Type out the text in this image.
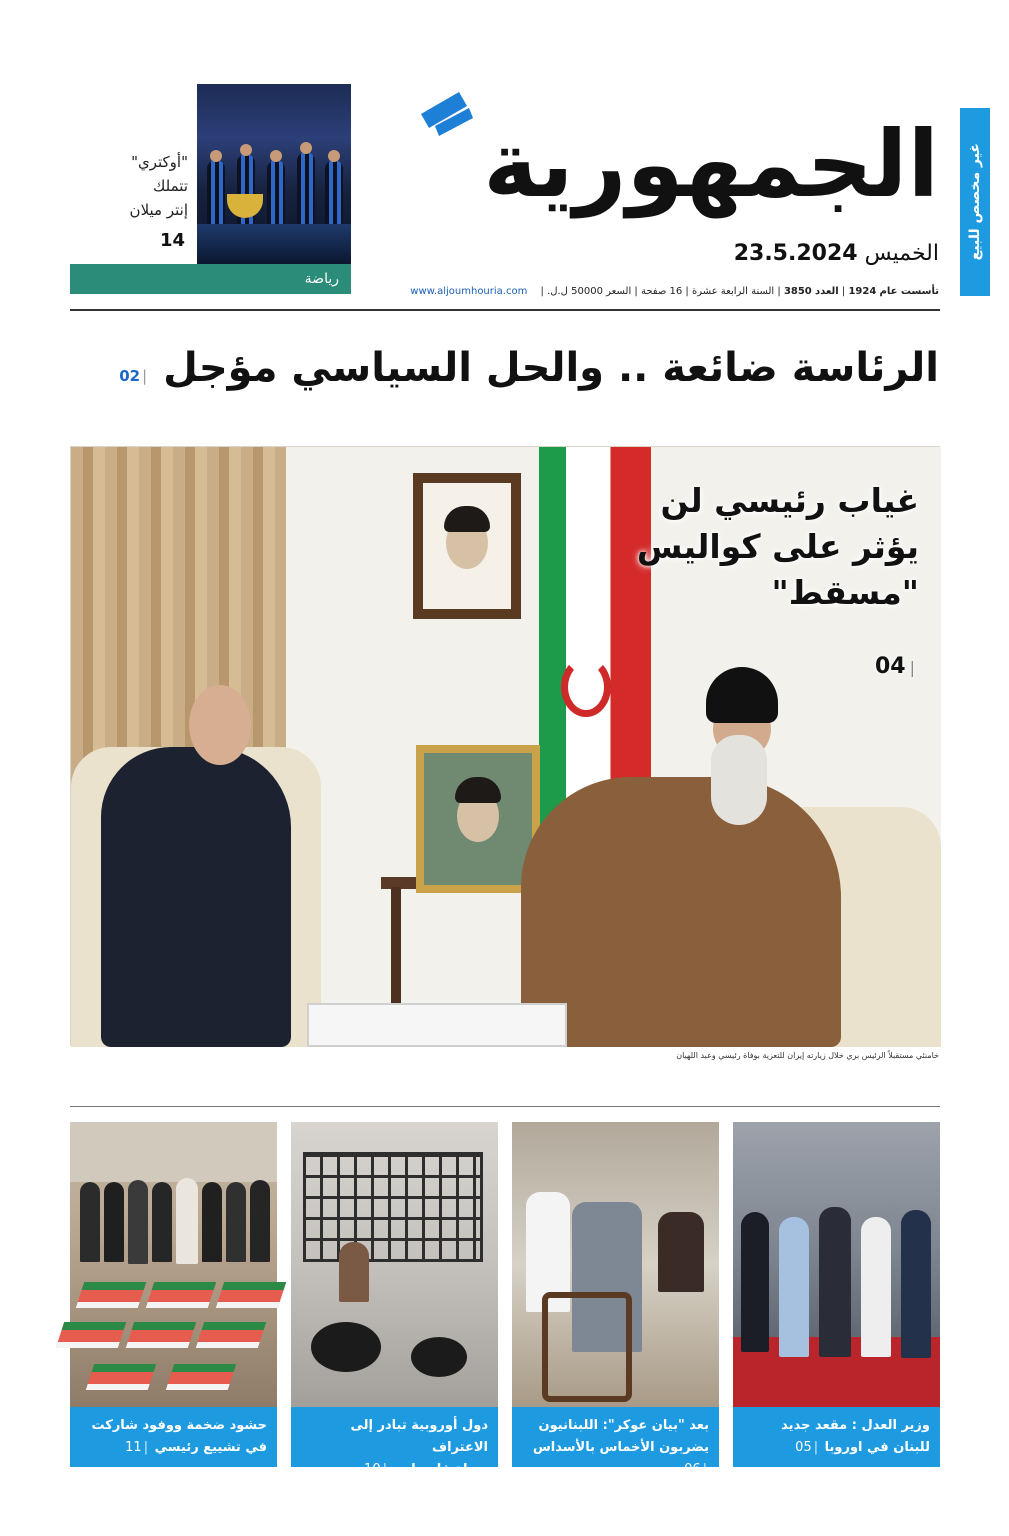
غير مخصص للبيع
الجمهورية
الخميس 23.5.2024
تأسست عام 1924 | العدد 3850 | السنة الرابعة عشرة | 16 صفحة | السعر 50000 ل.ل. | www.aljoumhouria.com
"أوكتري"
تتملك
إنتر ميلان
14
رياضة
الرئاسة ضائعة .. والحل السياسي مؤجل |02
غياب رئيسي لن
يؤثر على كواليس
"مسقط"
|04
خامنئي مستقبلاً الرئيس بري خلال زيارته إيران للتعزية بوفاة رئيسي وعبد اللهيان
وزير العدل : مقعد جديد
للبنان في اوروبا |05
بعد "بيان عوكر": اللبنانيون
يضربون الأخماس بالأسداس |06
دول أوروبية تبادر إلى الاعتراف
بدولة فلسطين |10
حشود ضخمة ووفود شاركت
في تشييع رئيسي |11
